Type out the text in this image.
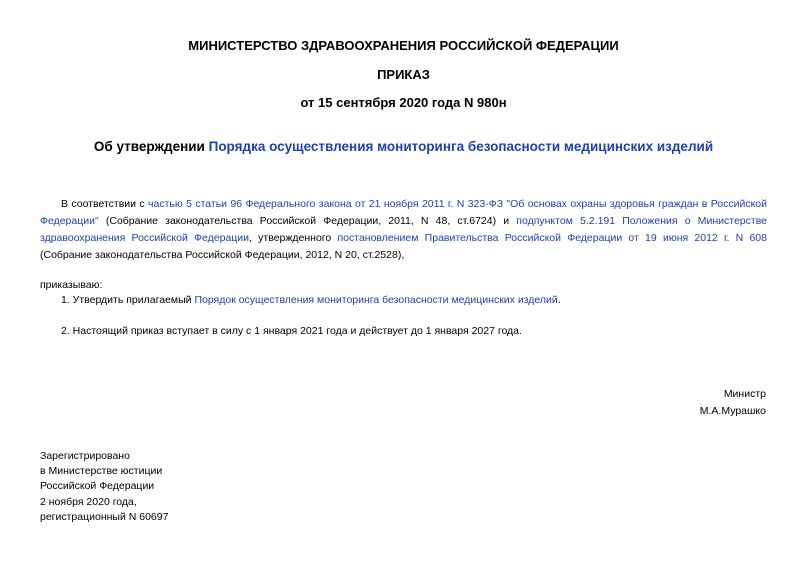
МИНИСТЕРСТВО ЗДРАВООХРАНЕНИЯ РОССИЙСКОЙ ФЕДЕРАЦИИ
ПРИКАЗ
от 15 сентября 2020 года N 980н
Об утверждении Порядка осуществления мониторинга безопасности медицинских изделий

В соответствии с частью 5 статьи 96 Федерального закона от 21 ноября 2011 г. N 323-ФЗ "Об основах охраны здоровья граждан в Российской Федерации" (Собрание законодательства Российской Федерации, 2011, N 48, ст.6724) и подпунктом 5.2.191 Положения о Министерстве здравоохранения Российской Федерации, утвержденного постановлением Правительства Российской Федерации от 19 июня 2012 г. N 608 (Собрание законодательства Российской Федерации, 2012, N 20, ст.2528),

приказываю:
1. Утвердить прилагаемый Порядок осуществления мониторинга безопасности медицинских изделий.
2. Настоящий приказ вступает в силу с 1 января 2021 года и действует до 1 января 2027 года.
Министр
М.А.Мурашко
Зарегистрировано
в Министерстве юстиции
Российской Федерации
2 ноября 2020 года,
регистрационный N 60697
